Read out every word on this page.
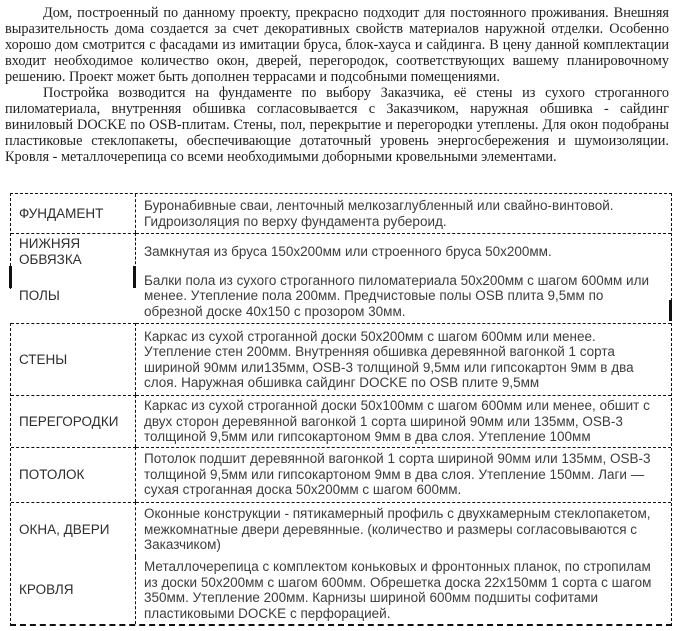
Дом, построенный по данному проекту, прекрасно подходит для постоянного проживания. Внешняя выразительность дома создается за счет декоративных свойств материалов наружной отделки. Особенно хорошо дом смотрится с фасадами из имитации бруса, блок-хауса и сайдинга. В цену данной комплектации входит необходимое количество окон, дверей, перегородок, соответствующих вашему планировочному решению. Проект может быть дополнен террасами и подсобными помещениями.

Постройка возводится на фундаменте по выбору Заказчика, её стены из сухого строганного пиломатериала, внутренняя обшивка согласовывается с Заказчиком, наружная обшивка - сайдинг виниловый DOCKE по OSB-плитам. Стены, пол, перекрытие и перегородки утеплены. Для окон подобраны пластиковые стеклопакеты, обеспечивающие дотаточный уровень энергосбережения и шумоизоляции. Кровля - металлочерепица со всеми необходимыми доборными кровельными элементами.

ФУНДАМЕНТ	Буронабивные сваи, ленточный мелкозаглубленный или свайно-винтовой. Гидроизоляция по верху фундамента рубероид.
НИЖНЯЯ ОБВЯЗКА	Замкнутая из бруса 150х200мм или строенного бруса 50х200мм.
ПОЛЫ	Балки пола из сухого строганного пиломатериала 50х200мм с шагом 600мм или менее. Утепление пола 200мм. Предчистовые полы OSB плита 9,5мм по обрезной доске 40х150 с прозором 30мм.
СТЕНЫ	Каркас из сухой строганной доски 50х200мм с шагом 600мм или менее. Утепление стен 200мм. Внутренняя обшивка деревянной вагонкой 1 сорта шириной 90мм или135мм, OSB-3 толщиной 9,5мм или гипсокартон 9мм в два слоя. Наружная обшивка сайдинг DOCKE по OSB плите 9,5мм
ПЕРЕГОРОДКИ	Каркас из сухой строганной доски 50х100мм с шагом 600мм или менее, обшит с двух сторон деревянной вагонкой 1 сорта шириной 90мм или 135мм, OSB-3 толщиной 9,5мм или гипсокартоном 9мм в два слоя. Утепление 100мм
ПОТОЛОК	Потолок подшит деревянной вагонкой 1 сорта шириной 90мм или 135мм, OSB-3 толщиной 9,5мм или гипсокартоном 9мм в два слоя. Утепление 150мм. Лаги — сухая строганная доска 50х200мм с шагом 600мм.
ОКНА, ДВЕРИ	Оконные конструкции - пятикамерный профиль с двухкамерным стеклопакетом, межкомнатные двери деревянные. (количество и размеры согласовываются с Заказчиком)
КРОВЛЯ	Металлочерепица с комплектом коньковых и фронтонных планок, по стропилам из доски 50х200мм с шагом 600мм. Обрешетка доска 22х150мм 1 сорта с шагом 350мм. Утепление 200мм. Карнизы шириной 600мм подшиты софитами пластиковыми DOCKE с перфорацией.
